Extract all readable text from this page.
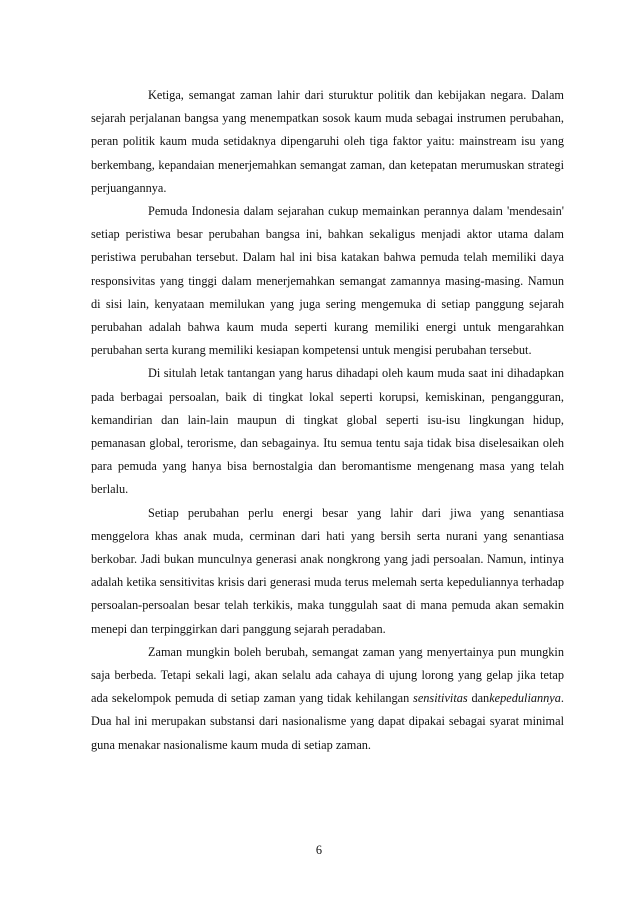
Ketiga, semangat zaman lahir dari sturuktur politik dan kebijakan negara. Dalam sejarah perjalanan bangsa yang menempatkan sosok kaum muda sebagai instrumen perubahan, peran politik kaum muda setidaknya dipengaruhi oleh tiga faktor yaitu: mainstream isu yang berkembang, kepandaian menerjemahkan semangat zaman, dan ketepatan merumuskan strategi perjuangannya.

Pemuda Indonesia dalam sejarahan cukup memainkan perannya dalam 'mendesain' setiap peristiwa besar perubahan bangsa ini, bahkan sekaligus menjadi aktor utama dalam peristiwa perubahan tersebut. Dalam hal ini bisa katakan bahwa pemuda telah memiliki daya responsivitas yang tinggi dalam menerjemahkan semangat zamannya masing-masing. Namun di sisi lain, kenyataan memilukan yang juga sering mengemuka di setiap panggung sejarah perubahan adalah bahwa kaum muda seperti kurang memiliki energi untuk mengarahkan perubahan serta kurang memiliki kesiapan kompetensi untuk mengisi perubahan tersebut.

Di situlah letak tantangan yang harus dihadapi oleh kaum muda saat ini dihadapkan pada berbagai persoalan, baik di tingkat lokal seperti korupsi, kemiskinan, pengangguran, kemandirian dan lain-lain maupun di tingkat global seperti isu-isu lingkungan hidup, pemanasan global, terorisme, dan sebagainya. Itu semua tentu saja tidak bisa diselesaikan oleh para pemuda yang hanya bisa bernostalgia dan beromantisme mengenang masa yang telah berlalu.

Setiap perubahan perlu energi besar yang lahir dari jiwa yang senantiasa menggelora khas anak muda, cerminan dari hati yang bersih serta nurani yang senantiasa berkobar. Jadi bukan munculnya generasi anak nongkrong yang jadi persoalan. Namun, intinya adalah ketika sensitivitas krisis dari generasi muda terus melemah serta kepeduliannya terhadap persoalan-persoalan besar telah terkikis, maka tunggulah saat di mana pemuda akan semakin menepi dan terpinggirkan dari panggung sejarah peradaban.

Zaman mungkin boleh berubah, semangat zaman yang menyertainya pun mungkin saja berbeda. Tetapi sekali lagi, akan selalu ada cahaya di ujung lorong yang gelap jika tetap ada sekelompok pemuda di setiap zaman yang tidak kehilangan sensitivitas dankepeduliannya. Dua hal ini merupakan substansi dari nasionalisme yang dapat dipakai sebagai syarat minimal guna menakar nasionalisme kaum muda di setiap zaman.

6
